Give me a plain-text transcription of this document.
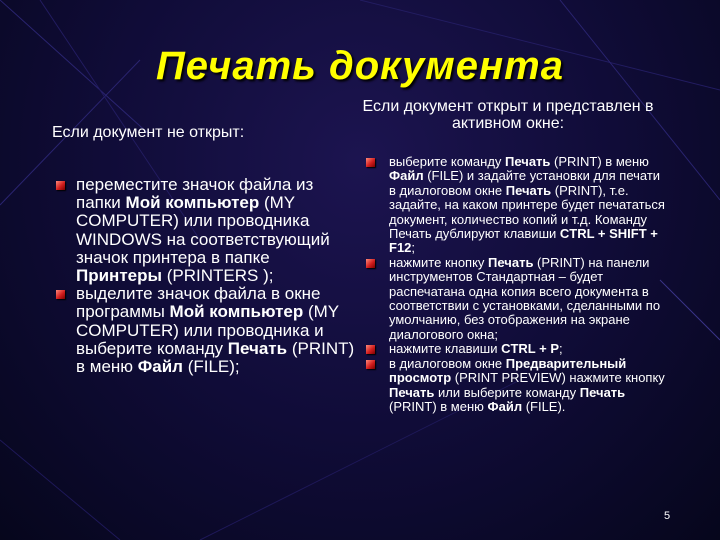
Печать документа
Если документ не открыт:
Если документ открыт и представлен в активном окне:
переместите значок файла из папки Мой компьютер (MY COMPUTER) или проводника WINDOWS на соответствующий значок принтера в папке Принтеры (PRINTERS );
выделите значок файла в окне программы Мой компьютер (MY COMPUTER) или проводника и выберите команду Печать (PRINT) в меню Файл (FILE);
выберите команду Печать (PRINT) в меню Файл (FILE) и задайте установки для печати в диалоговом окне Печать (PRINT), т.е. задайте, на каком принтере будет печататься документ, количество копий и т.д. Команду Печать дублируют клавиши CTRL + SHIFT + F12;
нажмите кнопку Печать (PRINT) на панели инструментов Стандартная – будет распечатана одна копия всего документа в соответствии с установками, сделанными по умолчанию, без отображения на экране диалогового окна;
нажмите клавиши CTRL + P;
в диалоговом окне Предварительный просмотр (PRINT PREVIEW) нажмите кнопку Печать или выберите команду Печать (PRINT) в меню Файл (FILE).
5
